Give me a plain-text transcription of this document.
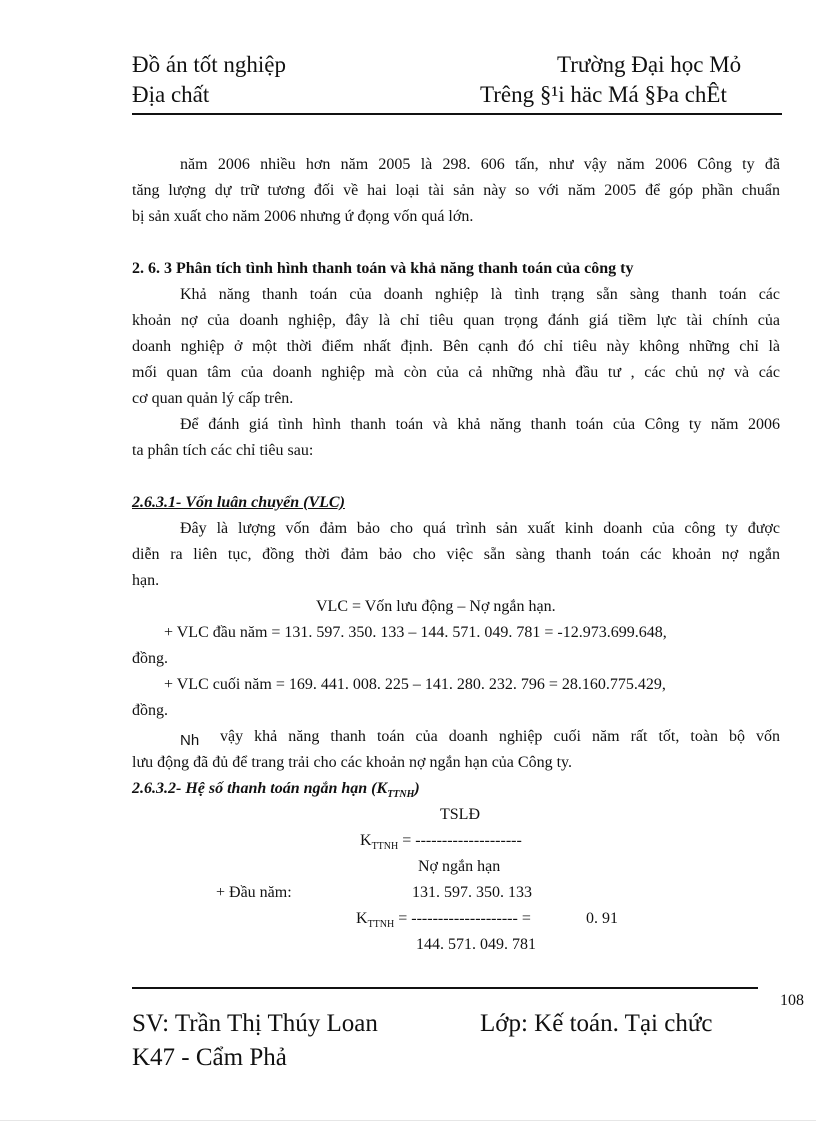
Đồ án tốt nghiệp	Trường Đại học Mỏ
Địa chất	Trêng §¹i häc Má §Þa chÊt
năm 2006 nhiều hơn năm 2005 là 298. 606 tấn, như vậy năm 2006 Công ty đã
tăng lượng dự trữ tương đối về hai loại tài sản này so với năm 2005 để góp phần chuẩn
bị sản xuất cho năm 2006 nhưng ứ đọng vốn quá lớn.
2. 6. 3 Phân tích tình hình thanh toán và khả năng thanh toán của công ty
Khả năng thanh toán của doanh nghiệp là tình trạng sẵn sàng thanh toán các
khoản nợ của doanh nghiệp, đây là chỉ tiêu quan trọng đánh giá tiềm lực tài chính của
doanh nghiệp ở một thời điểm nhất định. Bên cạnh đó chỉ tiêu này không những chỉ là
mối quan tâm của doanh nghiệp mà còn của cả những nhà đầu tư , các chủ nợ và các
cơ quan quản lý cấp trên.
Để đánh giá tình hình thanh toán và khả năng thanh toán của Công ty năm 2006
ta phân tích các chỉ tiêu sau:
2.6.3.1- Vốn luân chuyển (VLC)
Đây là lượng vốn đảm bảo cho quá trình sản xuất kinh doanh của công ty được
diễn ra liên tục, đồng thời đảm bảo cho việc sẵn sàng thanh toán các khoản nợ ngắn
hạn.
VLC = Vốn lưu động – Nợ ngắn hạn.
+ VLC đầu năm = 131. 597. 350. 133 – 144. 571. 049. 781 = -12.973.699.648,
đồng.
+ VLC cuối năm = 169. 441. 008. 225 – 141. 280. 232. 796 = 28.160.775.429,
đồng.
Nh vậy khả năng thanh toán của doanh nghiệp cuối năm rất tốt, toàn bộ vốn
lưu động đã đủ để trang trải cho các khoản nợ ngắn hạn của Công ty.
2.6.3.2- Hệ số thanh toán ngắn hạn $(K_{TTNH})$
TSLĐ
$K_{TTNH}$ = --------------------
Nợ ngắn hạn
+ Đầu năm:	131. 597. 350. 133
$K_{TTNH}$ = -------------------- =	0. 91
144. 571. 049. 781
108
SV: Trần Thị Thúy Loan	Lớp: Kế toán. Tại chức
K47 - Cẩm Phả
